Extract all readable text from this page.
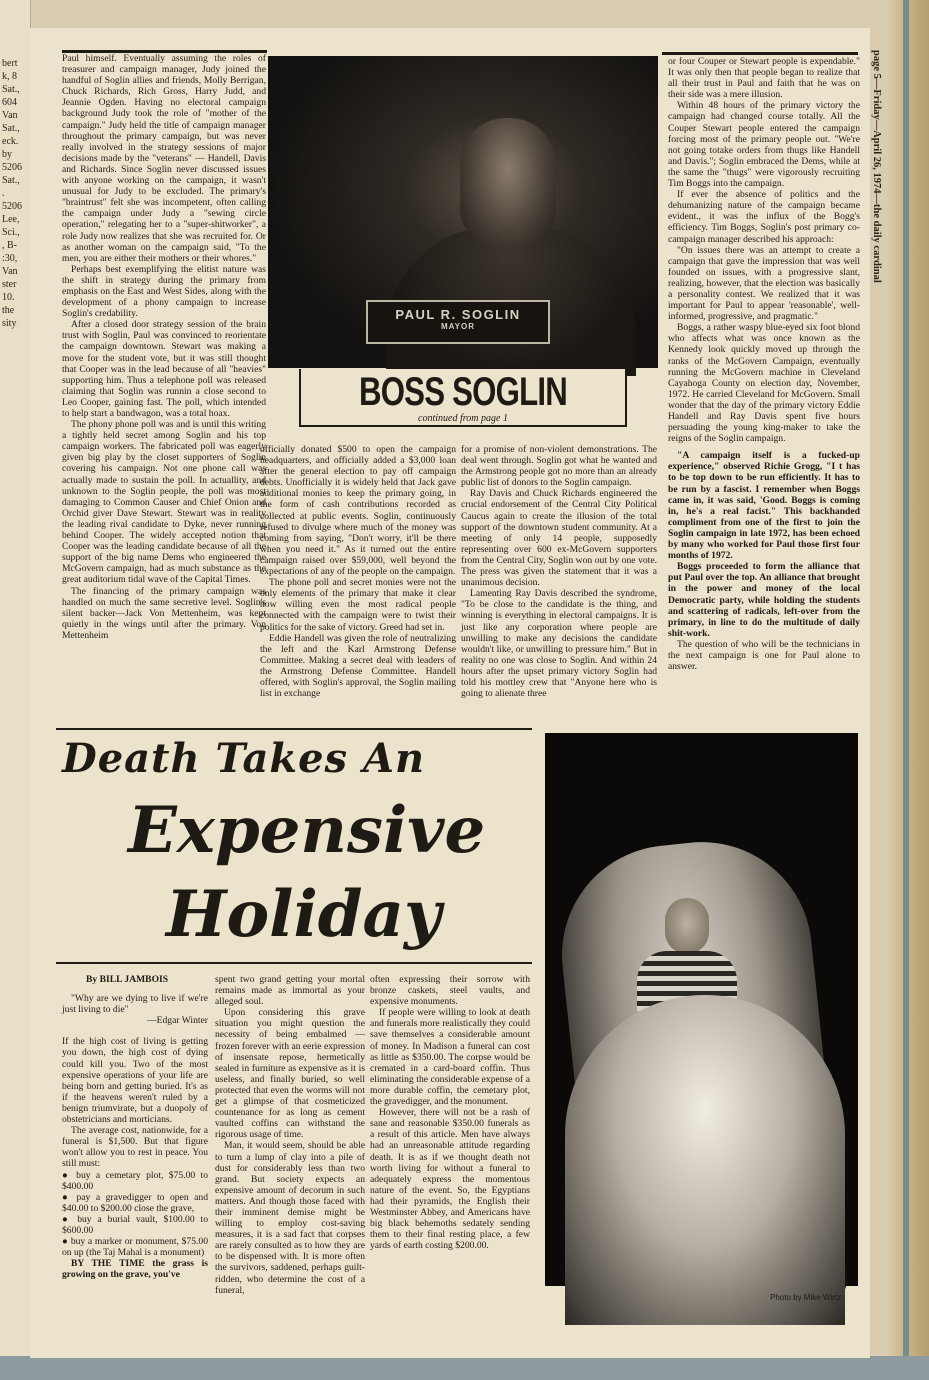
bert
k, 8
Sat.,
604
Van
Sat.,
eck.
by
5206
Sat.,
.
5206
Lee,
Sci.,
, B-
:30,
Van
ster
10.
the
sity
page 5—Friday—April 26, 1974—the daily cardinal

Paul himself. Eventually assuming the roles of treasurer and campaign manager, Judy joined the handful of Soglin allies and friends, Molly Berrigan, Chuck Richards, Rich Gross, Harry Judd, and Jeannie Ogden. Having no electoral campaign background Judy took the role of "mother of the campaign." Judy held the title of campaign manager throughout the primary campaign, but was never really involved in the strategy sessions of major decisions made by the "veterans" — Handell, Davis and Richards. Since Soglin never discussed issues with anyone working on the campaign, it wasn't unusual for Judy to be excluded. The primary's "braintrust" felt she was incompetent, often calling the campaign under Judy a "sewing circle operation," relegating her to a "super-shitworker", a role Judy now realizes that she was recruited for. Or as another woman on the campaign said, "To the men, you are either their mothers or their whores."

Perhaps best exemplifying the elitist nature was the shift in strategy during the primary from emphasis on the East and West Sides, along with the development of a phony campaign to increase Soglin's credability.

After a closed door strategy session of the brain trust with Soglin, Paul was convinced to reorientate the campaign downtown. Stewart was making a move for the student vote, but it was still thought that Cooper was in the lead because of all "heavies" supporting him. Thus a telephone poll was released claiming that Soglin was runnin a close second to Leo Cooper, gaining fast. The poll, which intended to help start a bandwagon, was a total hoax.

The phony phone poll was and is until this writing a tightly held secret among Soglin and his top campaign workers. The fabricated poll was eagerly given big play by the closet supporters of Soglin covering his campaign. Not one phone call was actually made to sustain the poll. In actuallity, and unknown to the Soglin people, the poll was most damaging to Common Causer and Chief Onion and Orchid giver Dave Stewart. Stewart was in reality the leading rival candidate to Dyke, never running behind Cooper. The widely accepted notion that Cooper was the leading candidate because of all the support of the big name Dems who engineered the McGovern campaign, had as much substance as the great auditorium tidal wave of the Capital Times.

The financing of the primary campaign was handled on much the same secretive level. Soglin's silent backer—Jack Von Mettenheim, was kept quietly in the wings until after the primary. Von Mettenheim

PAUL R. SOGLIN
MAYOR
BOSS SOGLIN
continued from page 1

officially donated $500 to open the campaign headquarters, and officially added a $3,000 loan after the general election to pay off campaign debts. Unofficially it is widely held that Jack gave additional monies to keep the primary going, in the form of cash contributions recorded as collected at public events. Soglin, continuously refused to divulge where much of the money was coming from saying, "Don't worry, it'll be there when you need it." As it turned out the entire campaign raised over $59,000, well beyond the expectations of any of the people on the campaign.

The phone poll and secret monies were not the only elements of the primary that make it clear how willing even the most radical people connected with the campaign were to twist their politics for the sake of victory. Greed had set in.

Eddie Handell was given the role of neutralizing the left and the Karl Armstrong Defense Committee. Making a secret deal with leaders of the Armstrong Defense Committee. Handell offered, with Soglin's approval, the Soglin mailing list in exchange

for a promise of non-violent demonstrations. The deal went through. Soglin got what he wanted and the Armstrong people got no more than an already public list of donors to the Soglin campaign.

Ray Davis and Chuck Richards engineered the crucial endorsement of the Central City Political Caucus again to create the illusion of the total support of the downtown student community. At a meeting of only 14 people, supposedly representing over 600 ex-McGovern supporters from the Central City, Soglin won out by one vote. The press was given the statement that it was a unanimous decision.

Lamenting Ray Davis described the syndrome, "To be close to the candidate is the thing, and winning is everything in electoral campaigns. It is just like any corporation where people are unwilling to make any decisions the candidate wouldn't like, or unwilling to pressure him." But in reality no one was close to Soglin. And within 24 hours after the upset primary victory Soglin had told his mottley crew that "Anyone here who is going to alienate three

or four Couper or Stewart people is expendable." It was only then that people began to realize that all their trust in Paul and faith that he was on their side was a mere illusion.

Within 48 hours of the primary victory the campaign had changed course totally. All the Couper Stewart people entered the campaign forcing most of the primary people out. "We're not going totake orders from thugs like Handell and Davis."; Soglin embraced the Dems, while at the same the "thugs" were vigorously recruiting Tim Boggs into the campaign.

If ever the absence of politics and the dehumanizing nature of the campaign became evident., it was the influx of the Bogg's efficiency. Tim Boggs, Soglin's post primary co-campaign manager described his approach:

"On issues there was an attempt to create a campaign that gave the impression that was well founded on issues, with a progressive slant, realizing, however, that the election was basically a personality contest. We realized that it was important for Paul to appear 'reasonable', well-informed, progressive, and pragmatic."

Boggs, a rather waspy blue-eyed six foot blond who affects what was once known as the Kennedy look quickly moved up through the ranks of the McGovern Campaign, eventually running the McGovern machine in Cleveland Cayahoga County on election day, November, 1972. He carried Cleveland for McGovern. Small wonder that the day of the primary victory Eddie Handell and Ray Davis spent five hours persuading the young king-maker to take the reigns of the Soglin campaign.

"A campaign itself is a fucked-up experience," observed Richie Grogg, "I t has to be top down to be run efficiently. It has to be run by a fascist. I remember when Boggs came in, it was said, 'Good. Boggs is coming in, he's a real facist." This backhanded compliment from one of the first to join the Soglin campaign in late 1972, has been echoed by many who worked for Paul those first four months of 1972.

Boggs proceeded to form the alliance that put Paul over the top. An alliance that brought in the power and money of the local Democratic party, while holding the students and scattering of radicals, left-over from the primary, in line to do the multitude of daily shit-work.

The question of who will be the technicians in the next campaign is one for Paul alone to answer.

Death Takes An
Expensive
Holiday

By BILL JAMBOIS

"Why are we dying to live if we're just living to die"

—Edgar Winter

If the high cost of living is getting you down, the high cost of dying could kill you. Two of the most expensive operations of your life are being born and getting buried. It's as if the heavens weren't ruled by a benign triumvirate, but a duopoly of obstetricians and morticians.

The average cost, nationwide, for a funeral is $1,500. But that figure won't allow you to rest in peace. You still must:

● buy a cemetary plot, $75.00 to $400.00

● pay a gravedigger to open and $40.00 to $200.00 close the grave,

● buy a burial vault, $100.00 to $600.00

● buy a marker or monument, $75.00 on up (the Taj Mahal is a monument)

BY THE TIME the grass is growing on the grave, you've

spent two grand getting your mortal remains made as immortal as your alleged soul.

Upon considering this grave situation you might question the necessity of being embalmed — frozen forever with an eerie expression of insensate repose, hermetically sealed in furniture as expensive as it is useless, and finally buried, so well protected that even the worms will not get a glimpse of that cosmeticized countenance for as long as cement vaulted coffins can withstand the rigorous usage of time.

Man, it would seem, should be able to turn a lump of clay into a pile of dust for considerably less than two grand. But society expects an expensive amount of decorum in such matters. And though those faced with their imminent demise might be willing to employ cost-saving measures, it is a sad fact that corpses are rarely consulted as to how they are to be dispensed with. It is more often the survivors, saddened, perhaps guilt-ridden, who determine the cost of a funeral,

often expressing their sorrow with bronze caskets, steel vaults, and expensive monuments.

If people were willing to look at death and funerals more realistically they could save themselves a considerable amount of money. In Madison a funeral can cost as little as $350.00. The corpse would be cremated in a card-board coffin. Thus eliminating the considerable expense of a more durable coffin, the cemetary plot, the gravedigger, and the monument.

However, there will not be a rash of sane and reasonable $350.00 funerals as a result of this article. Men have always had an unreasonable attitude regarding death. It is as if we thought death not worth living for without a funeral to adequately express the momentous nature of the event. So, the Egyptians had their pyramids, the English their Westminster Abbey, and Americans have big black behemoths sedately sending them to their final resting place, a few yards of earth costing $200.00.

Photo by Mike Wirtz
